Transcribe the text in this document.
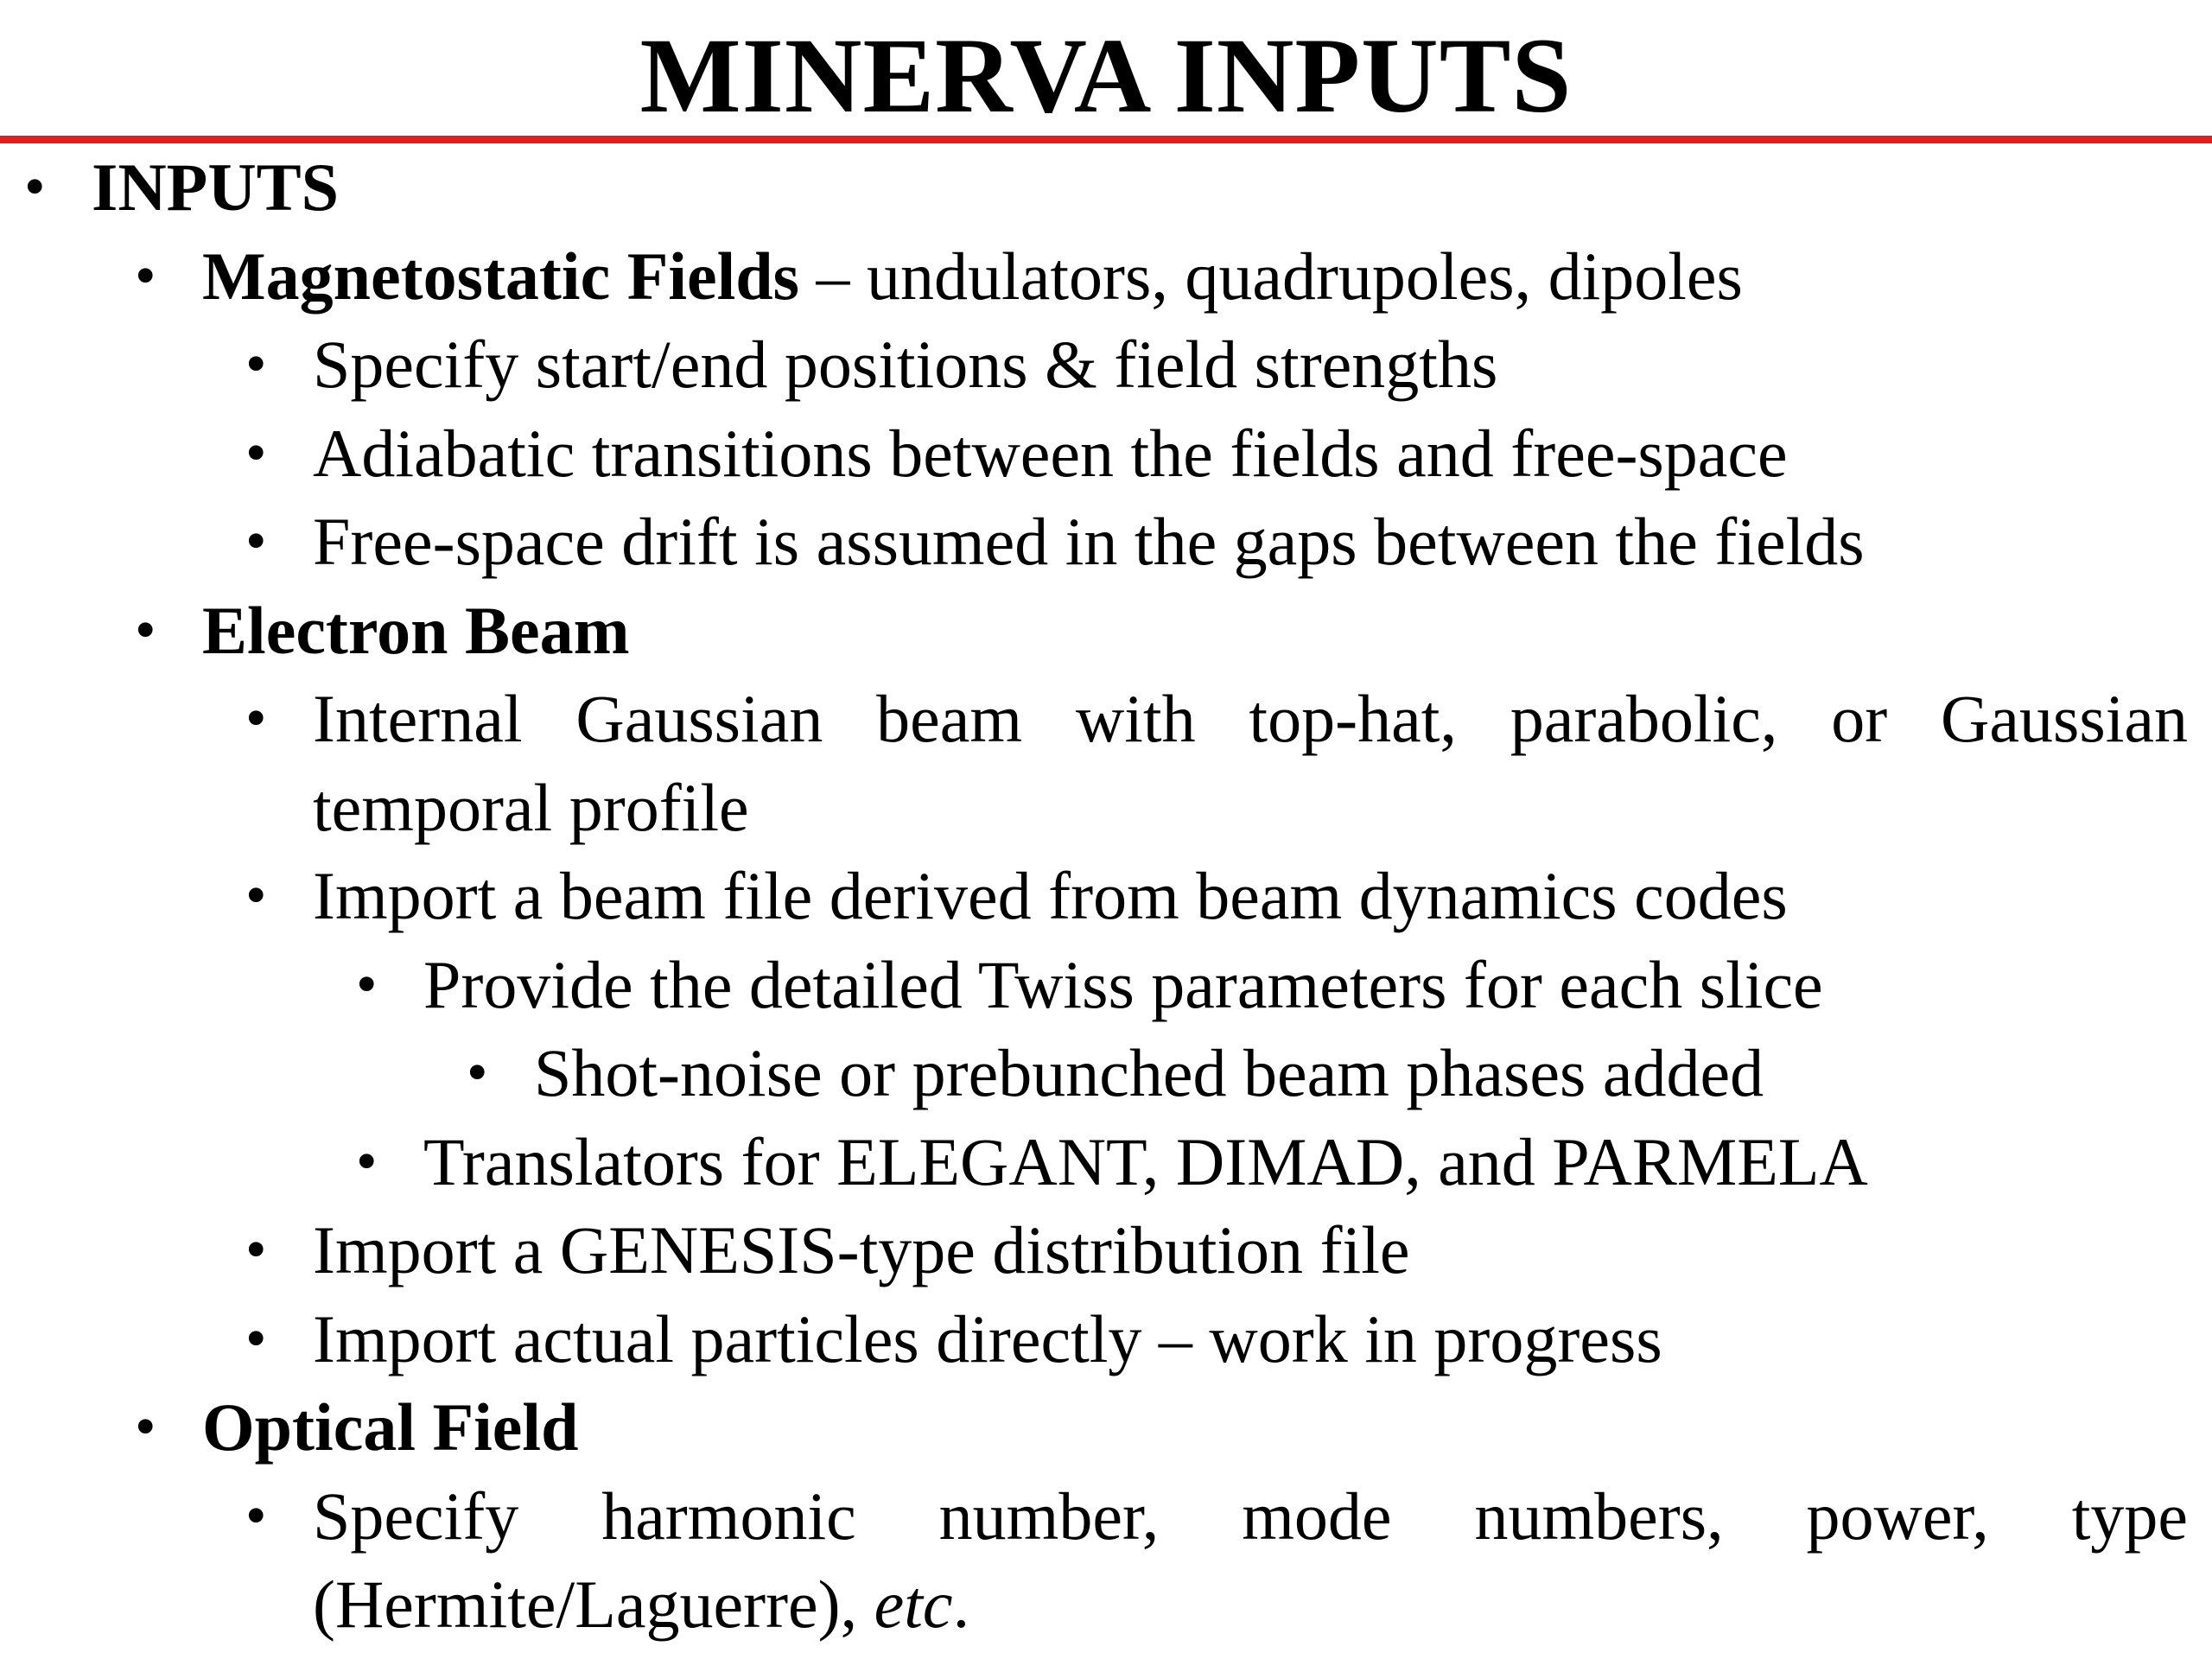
MINERVA INPUTS
• INPUTS
• Magnetostatic Fields – undulators, quadrupoles, dipoles
• Specify start/end positions & field strengths
• Adiabatic transitions between the fields and free-space
• Free-space drift is assumed in the gaps between the fields
• Electron Beam
• Internal Gaussian beam with top-hat, parabolic, or Gaussian temporal profile
• Import a beam file derived from beam dynamics codes
• Provide the detailed Twiss parameters for each slice
• Shot-noise or prebunched beam phases added
• Translators for ELEGANT, DIMAD, and PARMELA
• Import a GENESIS-type distribution file
• Import actual particles directly – work in progress
• Optical Field
• Specify harmonic number, mode numbers, power, type (Hermite/Laguerre), etc.
